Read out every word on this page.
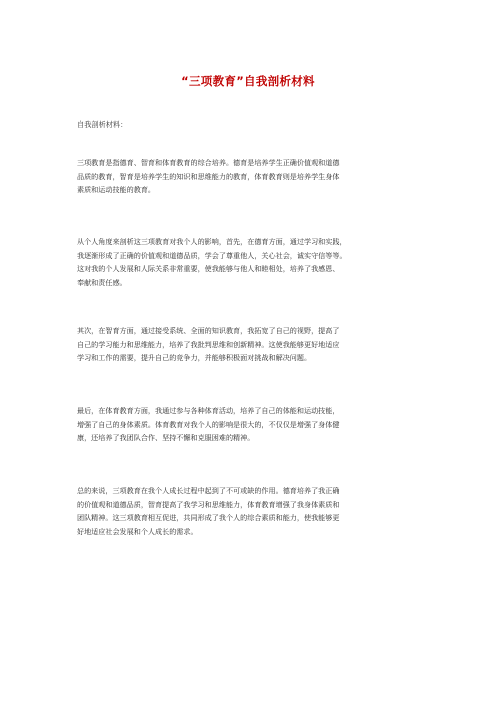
“三项教育”自我剖析材料
自我剖析材料：
三项教育是指德育、智育和体育教育的综合培养。德育是培养学生正确价值观和道德
品质的教育，智育是培养学生的知识和思维能力的教育，体育教育则是培养学生身体
素质和运动技能的教育。
从个人角度来剖析这三项教育对我个人的影响，首先，在德育方面，通过学习和实践，
我逐渐形成了正确的价值观和道德品质，学会了尊重他人，关心社会，诚实守信等等。
这对我的个人发展和人际关系非常重要，使我能够与他人和睦相处，培养了我感恩、
奉献和责任感。
其次，在智育方面，通过接受系统、全面的知识教育，我拓宽了自己的视野，提高了
自己的学习能力和思维能力，培养了我批判思维和创新精神。这使我能够更好地适应
学习和工作的需要，提升自己的竞争力，并能够积极面对挑战和解决问题。
最后，在体育教育方面，我通过参与各种体育活动，培养了自己的体能和运动技能，
增强了自己的身体素质。体育教育对我个人的影响是很大的，不仅仅是增强了身体健
康，还培养了我团队合作、坚持不懈和克服困难的精神。
总的来说，三项教育在我个人成长过程中起到了不可或缺的作用。德育培养了我正确
的价值观和道德品质，智育提高了我学习和思维能力，体育教育增强了我身体素质和
团队精神。这三项教育相互促进，共同形成了我个人的综合素质和能力，使我能够更
好地适应社会发展和个人成长的需求。
